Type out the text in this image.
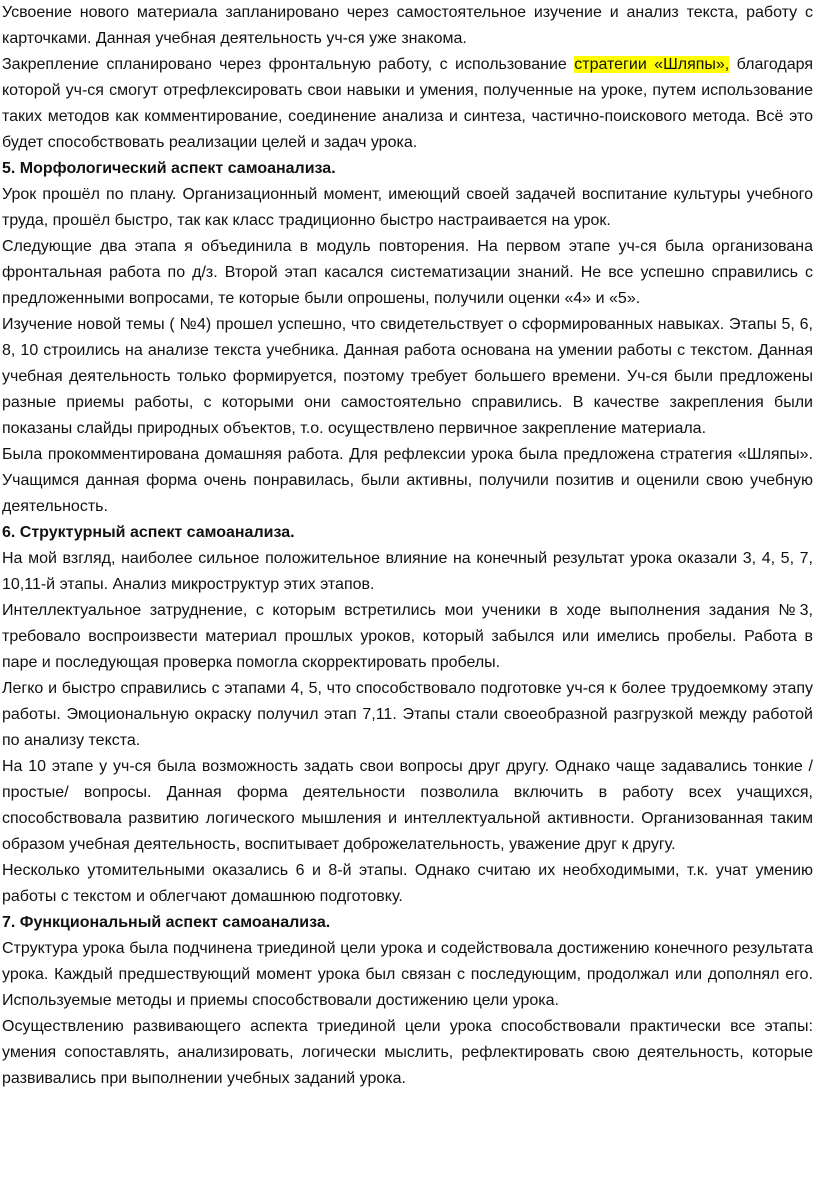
Усвоение нового материала запланировано через самостоятельное изучение и анализ текста, работу с карточками. Данная учебная деятельность уч-ся уже знакома.

Закрепление спланировано через фронтальную работу, с использование стратегии «Шляпы», благодаря которой уч-ся смогут отрефлексировать свои навыки и умения, полученные на уроке, путем использование таких методов как комментирование, соединение анализа и синтеза, частично-поискового метода. Всё это будет способствовать реализации целей и задач урока.

5. Морфологический аспект самоанализа.

Урок прошёл по плану. Организационный момент, имеющий своей задачей воспитание культуры учебного труда, прошёл быстро, так как класс традиционно быстро настраивается на урок.

Следующие два этапа я объединила в модуль повторения. На первом этапе уч-ся была организована фронтальная работа по д/з. Второй этап касался систематизации знаний. Не все успешно справились с предложенными вопросами, те которые были опрошены, получили оценки «4» и «5».

Изучение новой темы ( №4) прошел успешно, что свидетельствует о сформированных навыках. Этапы 5, 6, 8, 10 строились на анализе текста учебника. Данная работа основана на умении работы с текстом. Данная учебная деятельность только формируется, поэтому требует большего времени. Уч-ся были предложены разные приемы работы, с которыми они самостоятельно справились. В качестве закрепления были показаны слайды природных объектов, т.о. осуществлено первичное закрепление материала.

Была прокомментирована домашняя работа. Для рефлексии урока была предложена стратегия «Шляпы». Учащимся данная форма очень понравилась, были активны, получили позитив и оценили свою учебную деятельность.

6. Структурный аспект самоанализа.

На мой взгляд, наиболее сильное положительное влияние на конечный результат урока оказали 3, 4, 5, 7, 10,11-й этапы. Анализ микроструктур этих этапов.

Интеллектуальное затруднение, с которым встретились мои ученики в ходе выполнения задания №3, требовало воспроизвести материал прошлых уроков, который забылся или имелись пробелы. Работа в паре и последующая проверка помогла скорректировать пробелы.

Легко и быстро справились с этапами 4, 5, что способствовало подготовке уч-ся к более трудоемкому этапу работы. Эмоциональную окраску получил этап 7,11. Этапы стали своеобразной разгрузкой между работой по анализу текста.

На 10 этапе у уч-ся была возможность задать свои вопросы друг другу. Однако чаще задавались тонкие /простые/ вопросы. Данная форма деятельности позволила включить в работу всех учащихся, способствовала развитию логического мышления и интеллектуальной активности. Организованная таким образом учебная деятельность, воспитывает доброжелательность, уважение друг к другу.

Несколько утомительными оказались 6 и 8-й этапы. Однако считаю их необходимыми, т.к. учат умению работы с текстом и облегчают домашнюю подготовку.

7. Функциональный аспект самоанализа.

Структура урока была подчинена триединой цели урока и содействовала достижению конечного результата урока. Каждый предшествующий момент урока был связан с последующим, продолжал или дополнял его. Используемые методы и приемы способствовали достижению цели урока.

Осуществлению развивающего аспекта триединой цели урока способствовали практически все этапы: умения сопоставлять, анализировать, логически мыслить, рефлектировать свою деятельность, которые развивались при выполнении учебных заданий урока.
